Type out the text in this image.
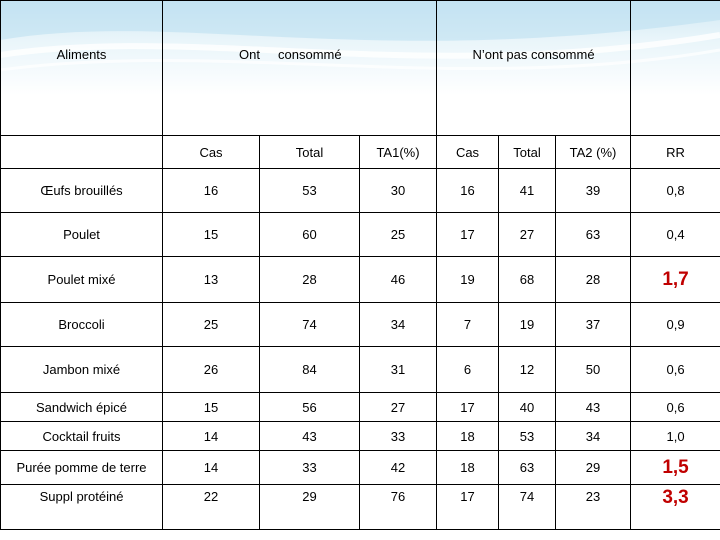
Aliments	Ont consommé			N’ont pas consommé			
	Cas	Total	TA1(%)	Cas	Total	TA2 (%)	RR
Œufs brouillés	16	53	30	16	41	39	0,8
Poulet	15	60	25	17	27	63	0,4
Poulet mixé	13	28	46	19	68	28	1,7
Broccoli	25	74	34	7	19	37	0,9
Jambon mixé	26	84	31	6	12	50	0,6
Sandwich épicé	15	56	27	17	40	43	0,6
Cocktail fruits	14	43	33	18	53	34	1,0
Purée pomme de terre	14	33	42	18	63	29	1,5
Suppl protéiné	22	29	76	17	74	23	3,3
